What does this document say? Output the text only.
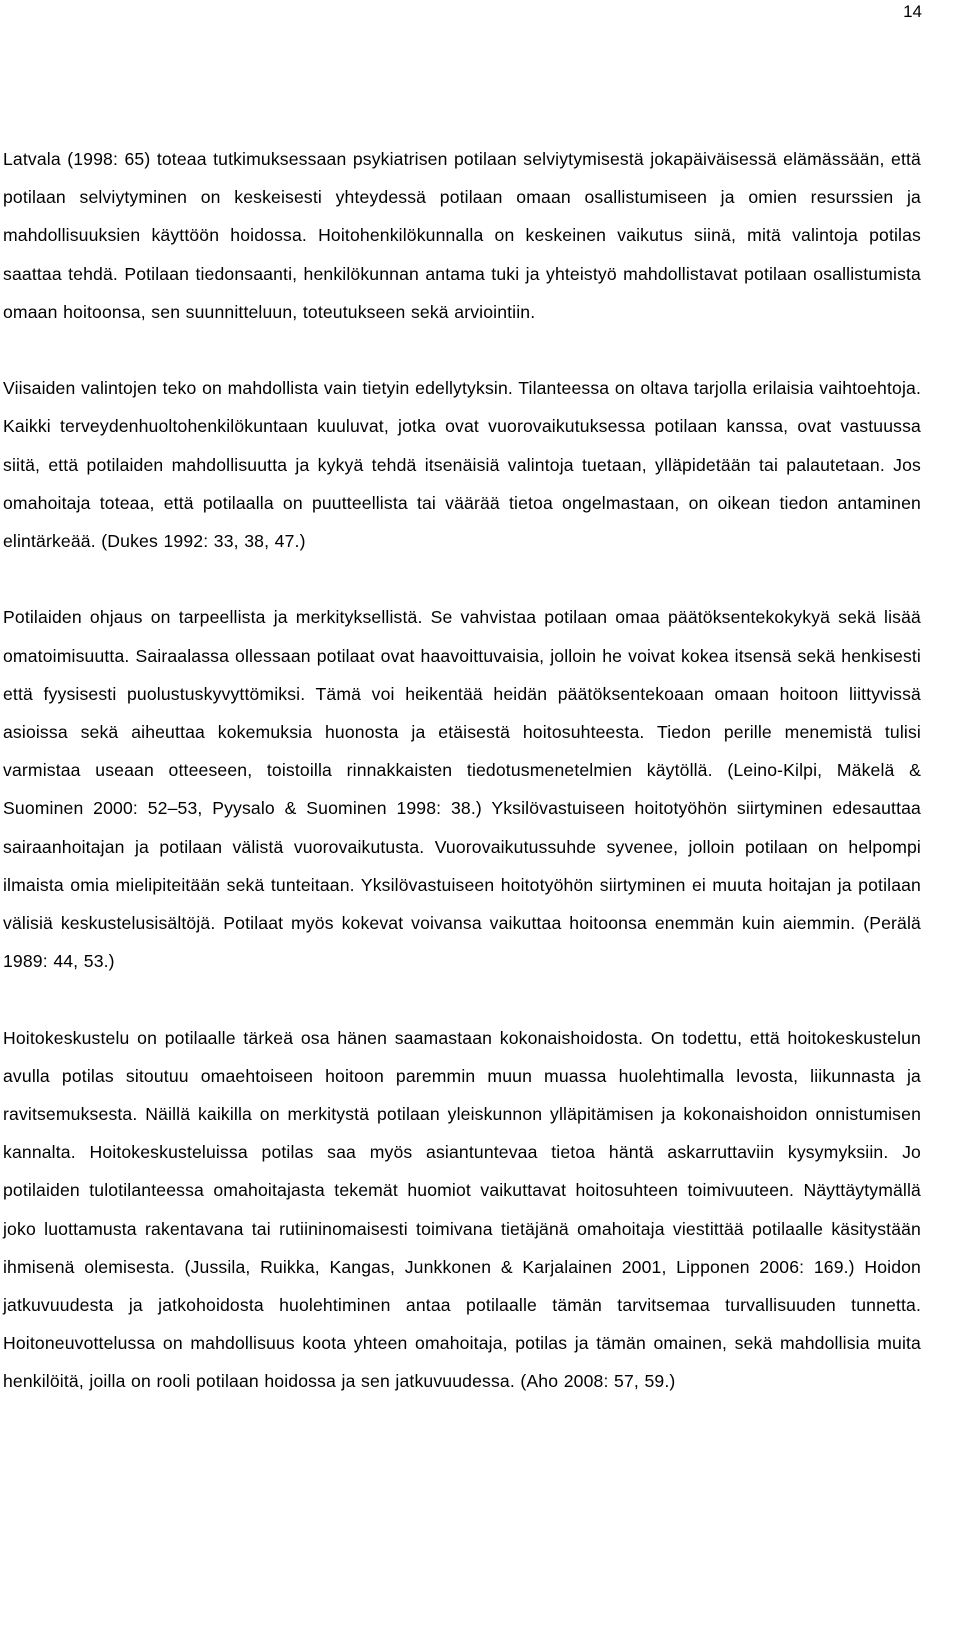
14

Latvala (1998: 65) toteaa tutkimuksessaan psykiatrisen potilaan selviytymisestä jokapäiväisessä elämässään, että potilaan selviytyminen on keskeisesti yhteydessä potilaan omaan osallistumiseen ja omien resurssien ja mahdollisuuksien käyttöön hoidossa. Hoitohenkilökunnalla on keskeinen vaikutus siinä, mitä valintoja potilas saattaa tehdä. Potilaan tiedonsaanti, henkilökunnan antama tuki ja yhteistyö mahdollistavat potilaan osallistumista omaan hoitoonsa, sen suunnitteluun, toteutukseen sekä arviointiin.

Viisaiden valintojen teko on mahdollista vain tietyin edellytyksin. Tilanteessa on oltava tarjolla erilaisia vaihtoehtoja. Kaikki terveydenhuoltohenkilökuntaan kuuluvat, jotka ovat vuorovaikutuksessa potilaan kanssa, ovat vastuussa siitä, että potilaiden mahdollisuutta ja kykyä tehdä itsenäisiä valintoja tuetaan, ylläpidetään tai palautetaan. Jos omahoitaja toteaa, että potilaalla on puutteellista tai väärää tietoa ongelmastaan, on oikean tiedon antaminen elintärkeää. (Dukes 1992: 33, 38, 47.)

Potilaiden ohjaus on tarpeellista ja merkityksellistä. Se vahvistaa potilaan omaa päätöksentekokykyä sekä lisää omatoimisuutta. Sairaalassa ollessaan potilaat ovat haavoittuvaisia, jolloin he voivat kokea itsensä sekä henkisesti että fyysisesti puolustuskyvyttömiksi. Tämä voi heikentää heidän päätöksentekoaan omaan hoitoon liittyvissä asioissa sekä aiheuttaa kokemuksia huonosta ja etäisestä hoitosuhteesta. Tiedon perille menemistä tulisi varmistaa useaan otteeseen, toistoilla rinnakkaisten tiedotusmenetelmien käytöllä. (Leino-Kilpi, Mäkelä & Suominen 2000: 52–53, Pyysalo & Suominen 1998: 38.) Yksilövastuiseen hoitotyöhön siirtyminen edesauttaa sairaanhoitajan ja potilaan välistä vuorovaikutusta. Vuorovaikutussuhde syvenee, jolloin potilaan on helpompi ilmaista omia mielipiteitään sekä tunteitaan. Yksilövastuiseen hoitotyöhön siirtyminen ei muuta hoitajan ja potilaan välisiä keskustelusisältöjä. Potilaat myös kokevat voivansa vaikuttaa hoitoonsa enemmän kuin aiemmin. (Perälä 1989: 44, 53.)

Hoitokeskustelu on potilaalle tärkeä osa hänen saamastaan kokonaishoidosta. On todettu, että hoitokeskustelun avulla potilas sitoutuu omaehtoiseen hoitoon paremmin muun muassa huolehtimalla levosta, liikunnasta ja ravitsemuksesta. Näillä kaikilla on merkitystä potilaan yleiskunnon ylläpitämisen ja kokonaishoidon onnistumisen kannalta. Hoitokeskusteluissa potilas saa myös asiantuntevaa tietoa häntä askarruttaviin kysymyksiin. Jo potilaiden tulotilanteessa omahoitajasta tekemät huomiot vaikuttavat hoitosuhteen toimivuuteen. Näyttäytymällä joko luottamusta rakentavana tai rutiininomaisesti toimivana tietäjänä omahoitaja viestittää potilaalle käsitystään ihmisenä olemisesta. (Jussila, Ruikka, Kangas, Junkkonen & Karjalainen 2001, Lipponen 2006: 169.) Hoidon jatkuvuudesta ja jatkohoidosta huolehtiminen antaa potilaalle tämän tarvitsemaa turvallisuuden tunnetta. Hoitoneuvottelussa on mahdollisuus koota yhteen omahoitaja, potilas ja tämän omainen, sekä mahdollisia muita henkilöitä, joilla on rooli potilaan hoidossa ja sen jatkuvuudessa. (Aho 2008: 57, 59.)
